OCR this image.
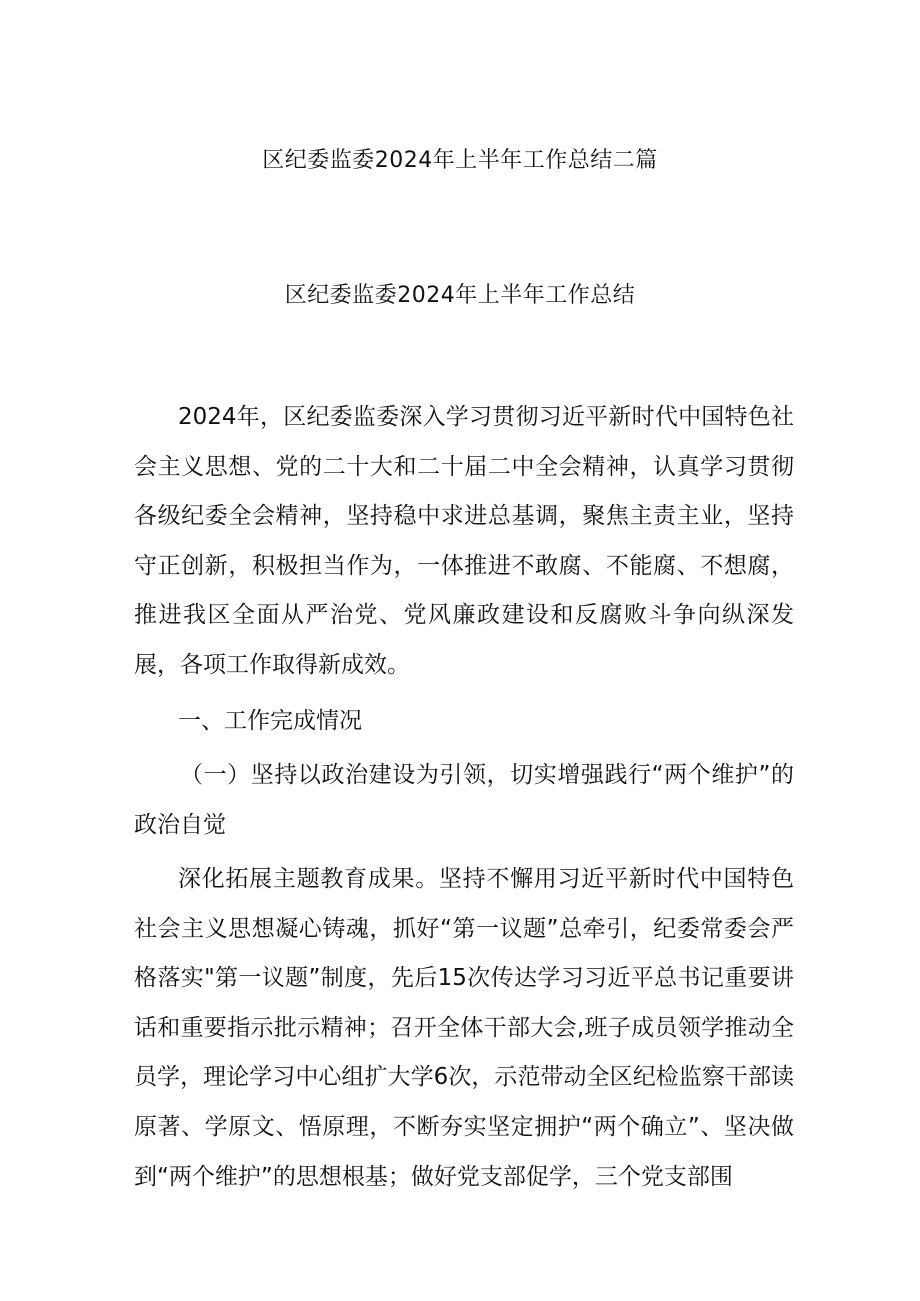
区纪委监委2024年上半年工作总结二篇
区纪委监委2024年上半年工作总结
2024年，区纪委监委深入学习贯彻习近平新时代中国特色社会主义思想、党的二十大和二十届二中全会精神，认真学习贯彻各级纪委全会精神，坚持稳中求进总基调，聚焦主责主业，坚持守正创新，积极担当作为，一体推进不敢腐、不能腐、不想腐，推进我区全面从严治党、党风廉政建设和反腐败斗争向纵深发展，各项工作取得新成效。
一、工作完成情况
（一）坚持以政治建设为引领，切实增强践行“两个维护”的政治自觉
深化拓展主题教育成果。坚持不懈用习近平新时代中国特色社会主义思想凝心铸魂，抓好“第一议题”总牵引，纪委常委会严格落实"第一议题”制度，先后15次传达学习习近平总书记重要讲话和重要指示批示精神；召开全体干部大会,班子成员领学推动全员学，理论学习中心组扩大学6次，示范带动全区纪检监察干部读原著、学原文、悟原理，不断夯实坚定拥护“两个确立”、坚决做到“两个维护”的思想根基；做好党支部促学，三个党支部围
